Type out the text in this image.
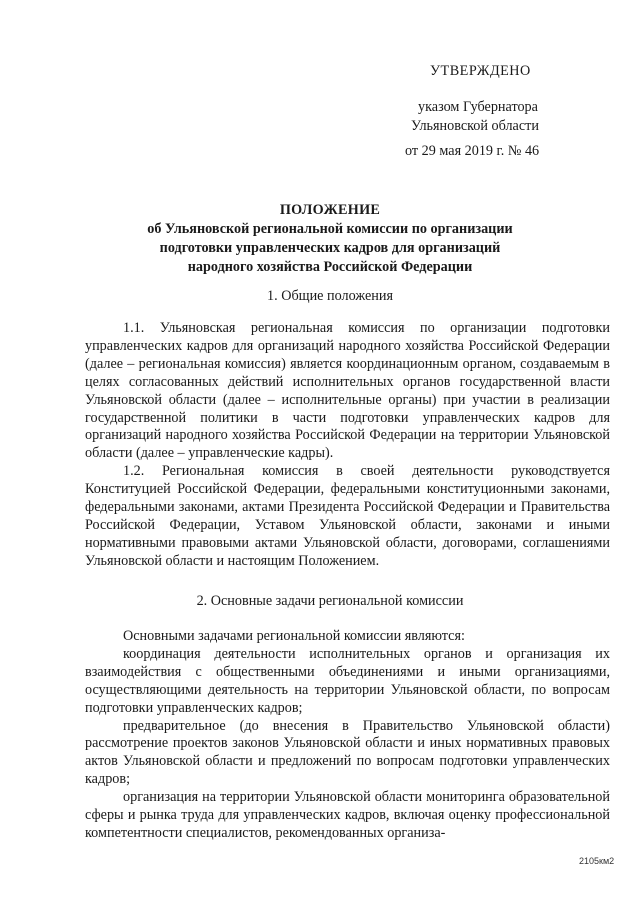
УТВЕРЖДЕНО
указом Губернатора
Ульяновской области
от 29 мая 2019 г. № 46
ПОЛОЖЕНИЕ
об Ульяновской региональной комиссии по организации
подготовки управленческих кадров для организаций
народного хозяйства Российской Федерации
1. Общие положения

1.1. Ульяновская региональная комиссия по организации подготовки управленческих кадров для организаций народного хозяйства Российской Федерации (далее – региональная комиссия) является координационным органом, создаваемым в целях согласованных действий исполнительных органов государственной власти Ульяновской области (далее – исполнительные органы) при участии в реализации государственной политики в части подготовки управленческих кадров для организаций народного хозяйства Российской Федерации на территории Ульяновской области (далее – управленческие кадры).

1.2. Региональная комиссия в своей деятельности руководствуется Конституцией Российской Федерации, федеральными конституционными законами, федеральными законами, актами Президента Российской Федерации и Правительства Российской Федерации, Уставом Ульяновской области, законами и иными нормативными правовыми актами Ульяновской области, договорами, соглашениями Ульяновской области и настоящим Положением.

2. Основные задачи региональной комиссии

Основными задачами региональной комиссии являются:

координация деятельности исполнительных органов и организация их взаимодействия с общественными объединениями и иными организациями, осуществляющими деятельность на территории Ульяновской области, по вопросам подготовки управленческих кадров;

предварительное (до внесения в Правительство Ульяновской области) рассмотрение проектов законов Ульяновской области и иных нормативных правовых актов Ульяновской области и предложений по вопросам подготовки управленческих кадров;

организация на территории Ульяновской области мониторинга образовательной сферы и рынка труда для управленческих кадров, включая оценку профессиональной компетентности специалистов, рекомендованных организа-

2105км2
